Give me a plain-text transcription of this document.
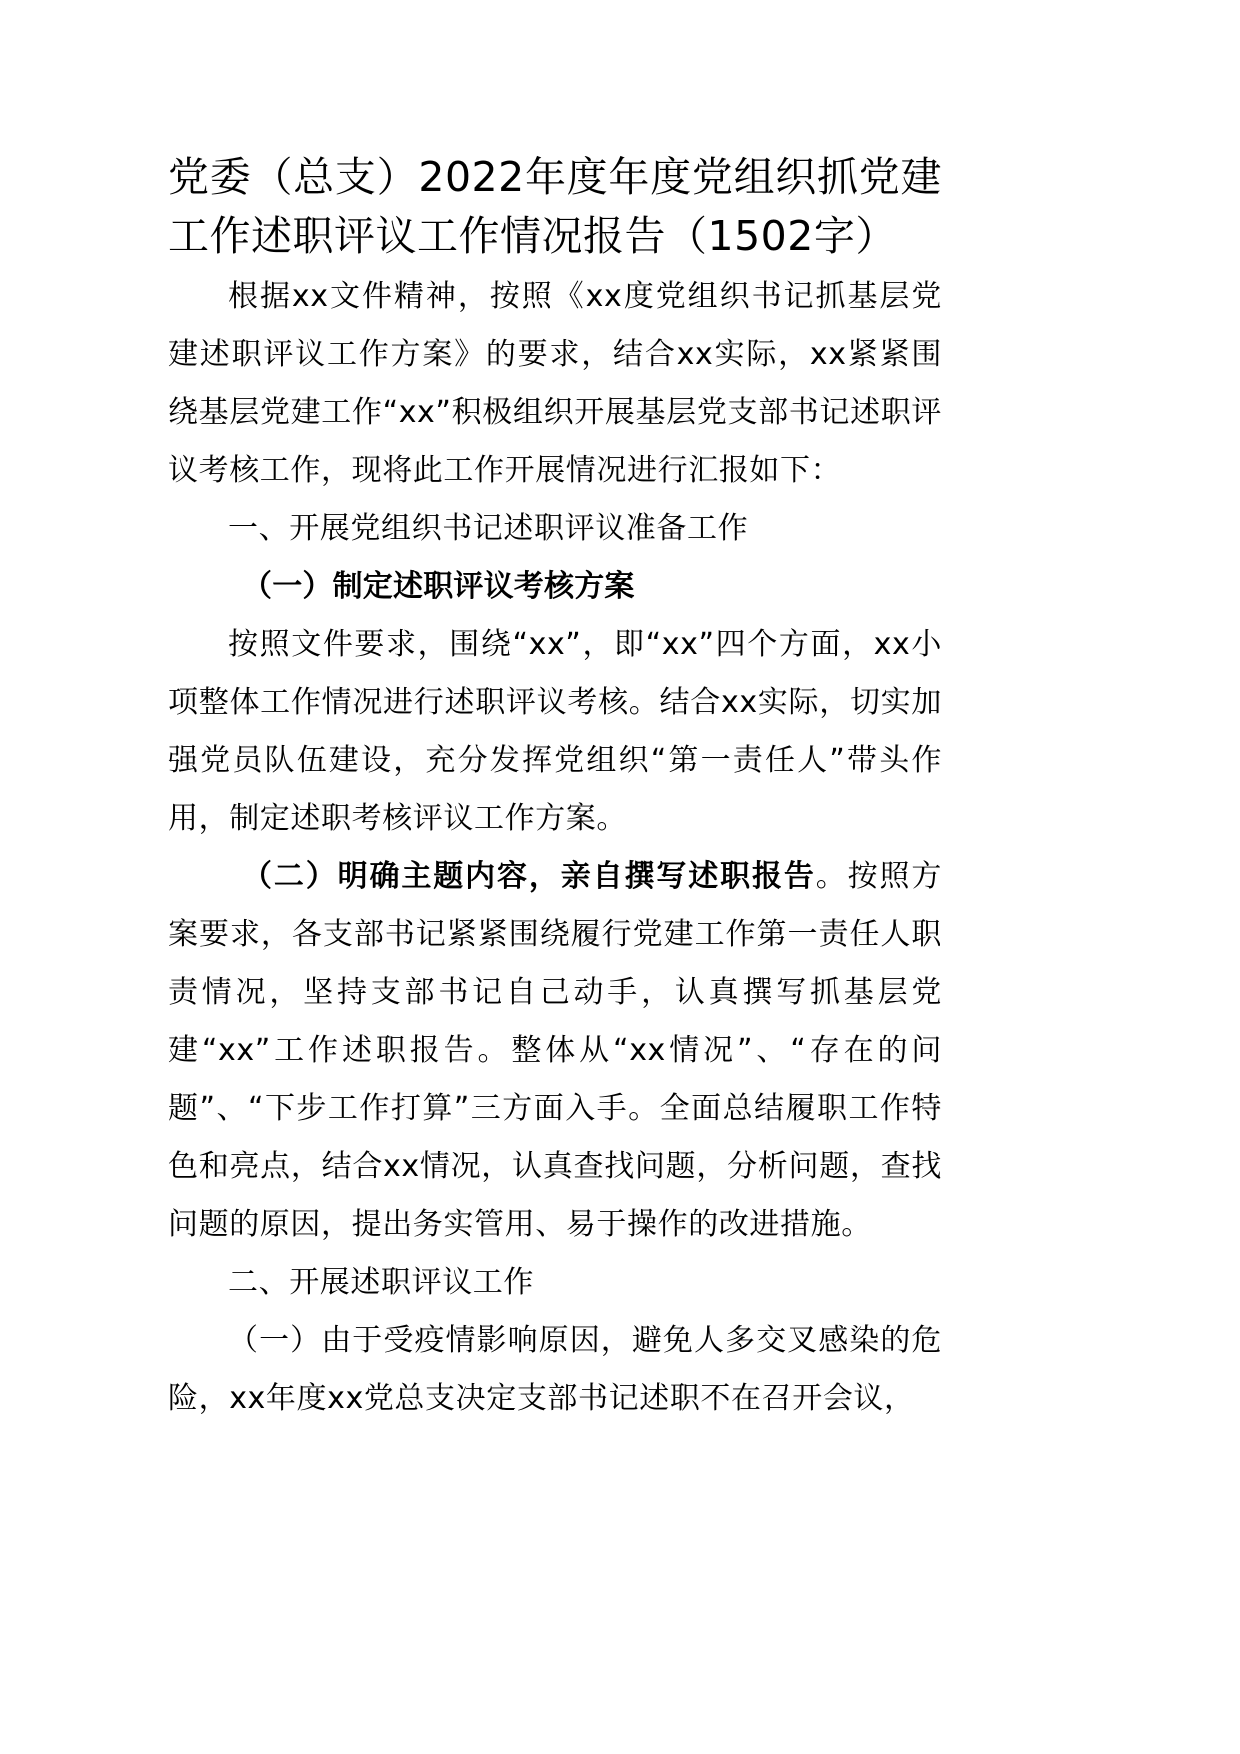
党委（总支）2022年度年度党组织抓党建工作述职评议工作情况报告（1502字）

根据xx文件精神，按照《xx度党组织书记抓基层党建述职评议工作方案》的要求，结合xx实际，xx紧紧围绕基层党建工作“xx”积极组织开展基层党支部书记述职评议考核工作，现将此工作开展情况进行汇报如下：

一、开展党组织书记述职评议准备工作

（一）制定述职评议考核方案

按照文件要求，围绕“xx”，即“xx”四个方面，xx小项整体工作情况进行述职评议考核。结合xx实际，切实加强党员队伍建设，充分发挥党组织“第一责任人”带头作用，制定述职考核评议工作方案。

（二）明确主题内容，亲自撰写述职报告。按照方案要求，各支部书记紧紧围绕履行党建工作第一责任人职责情况，坚持支部书记自己动手，认真撰写抓基层党建“xx”工作述职报告。整体从“xx情况”、“存在的问题”、“下步工作打算”三方面入手。全面总结履职工作特色和亮点，结合xx情况，认真查找问题，分析问题，查找问题的原因，提出务实管用、易于操作的改进措施。

二、开展述职评议工作

（一）由于受疫情影响原因，避免人多交叉感染的危险，xx年度xx党总支决定支部书记述职不在召开会议，
